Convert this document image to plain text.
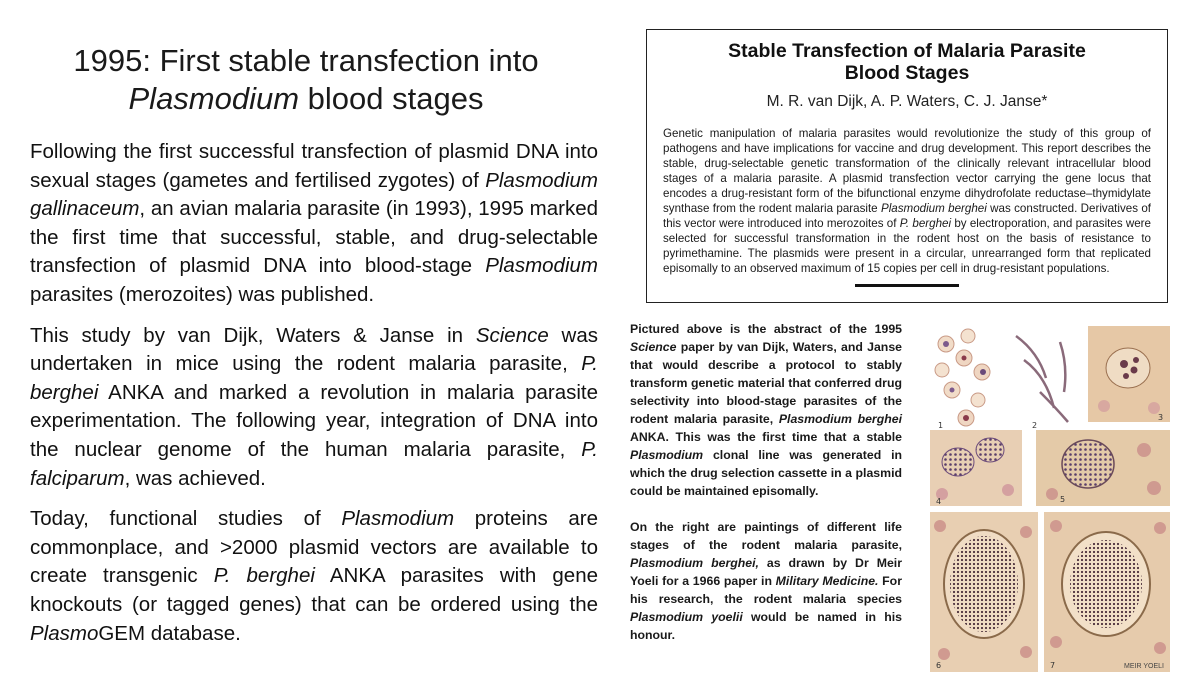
1995: First stable transfection into
Plasmodium blood stages

Following the first successful transfection of plasmid DNA into sexual stages (gametes and fertilised zygotes) of Plasmodium gallinaceum, an avian malaria parasite (in 1993), 1995 marked the first time that successful, stable, and drug-selectable transfection of plasmid DNA into blood-stage Plasmodium parasites (merozoites) was published.

This study by van Dijk, Waters & Janse in Science was undertaken in mice using the rodent malaria parasite, P. berghei ANKA and marked a revolution in malaria parasite experimentation. The following year, integration of DNA into the nuclear genome of the human malaria parasite, P. falciparum, was achieved.

Today, functional studies of Plasmodium proteins are commonplace, and >2000 plasmid vectors are available to create transgenic P. berghei ANKA parasites with gene knockouts (or tagged genes) that can be ordered using the PlasmoGEM database.

Stable Transfection of Malaria Parasite
Blood Stages
M. R. van Dijk, A. P. Waters, C. J. Janse*
Genetic manipulation of malaria parasites would revolutionize the study of this group of pathogens and have implications for vaccine and drug development. This report describes the stable, drug-selectable genetic transformation of the clinically relevant intracellular blood stages of a malaria parasite. A plasmid transfection vector carrying the gene locus that encodes a drug-resistant form of the bifunctional enzyme dihydrofolate reductase–thymidylate synthase from the rodent malaria parasite Plasmodium berghei was constructed. Derivatives of this vector were introduced into merozoites of P. berghei by electroporation, and parasites were selected for successful transformation in the rodent host on the basis of resistance to pyrimethamine. The plasmids were present in a circular, unrearranged form that replicated episomally to an observed maximum of 15 copies per cell in drug-resistant populations.

Pictured above is the abstract of the 1995 Science paper by van Dijk, Waters, and Janse that would describe a protocol to stably transform genetic material that conferred drug selectivity into blood-stage parasites of the rodent malaria parasite, Plasmodium berghei ANKA. This was the first time that a stable Plasmodium clonal line was generated in which the drug selection cassette in a plasmid could be maintained episomally.

On the right are paintings of different life stages of the rodent malaria parasite, Plasmodium berghei, as drawn by Dr Meir Yoeli for a 1966 paper in Military Medicine. For his research, the rodent malaria species Plasmodium yoelii would be named in his honour.

1	2
3
4	5
6	7	MEIR YOELI
